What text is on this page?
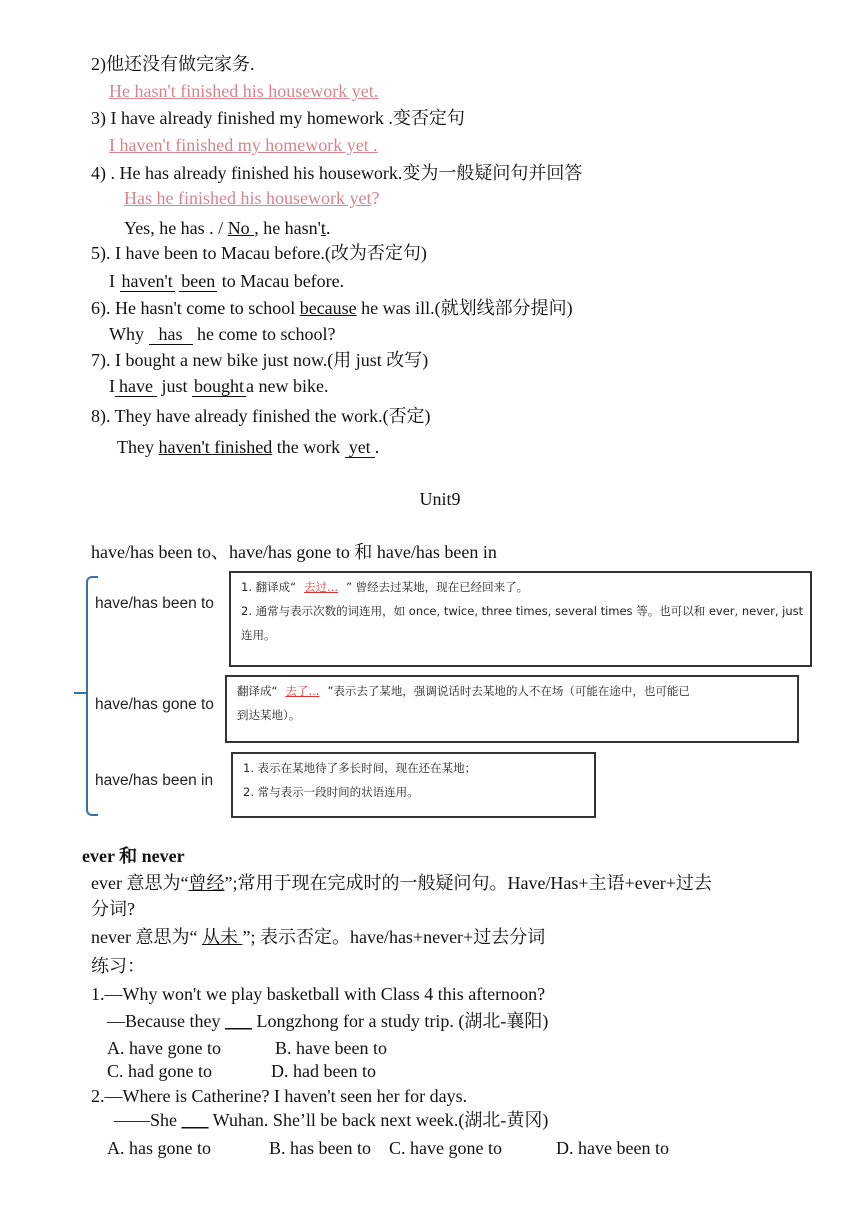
2)他还没有做完家务.
He hasn't finished his housework yet.
3) I have already finished my homework .变否定句
I haven't finished my homework yet .
4) . He has already finished his housework.变为一般疑问句并回答
Has he finished his housework yet?
Yes, he has . / No , he hasn't.
5). I have been to Macau before.(改为否定句)
I haven't been to Macau before.
6). He hasn't come to school because he was ill.(就划线部分提问)
Why has he come to school?
7). I bought a new bike just now.(用 just 改写)
I have just boughta new bike.
8). They have already finished the work.(否定)
They haven't finished the work yet.
Unit9
have/has been to、have/has gone to 和 have/has been in
have/has been to
1. 翻译成“ 去过... ” 曾经去过某地，现在已经回来了。
2. 通常与表示次数的词连用，如 once, twice, three times, several times 等。也可以和 ever, never, just
连用。
have/has gone to
翻译成“ 去了... ”表示去了某地，强调说话时去某地的人不在场（可能在途中，也可能已
到达某地）。
have/has been in
1. 表示在某地待了多长时间，现在还在某地；
2. 常与表示一段时间的状语连用。
ever 和 never
ever 意思为“曾经”;常用于现在完成时的一般疑问句。Have/Has+主语+ever+过去
分词?
never 意思为“ 从未 ”; 表示否定。have/has+never+过去分词
练习：
1.—Why won't we play basketball with Class 4 this afternoon?
—Because they ___ Longzhong for a study trip. (湖北-襄阳)
A. have gone to	B. have been to
C. had gone to	D. had been to
2.—Where is Catherine? I haven't seen her for days.
——She ___ Wuhan. She’ll be back next week.(湖北-黄冈)
A. has gone to	B. has been to C. have gone to	D. have been to
